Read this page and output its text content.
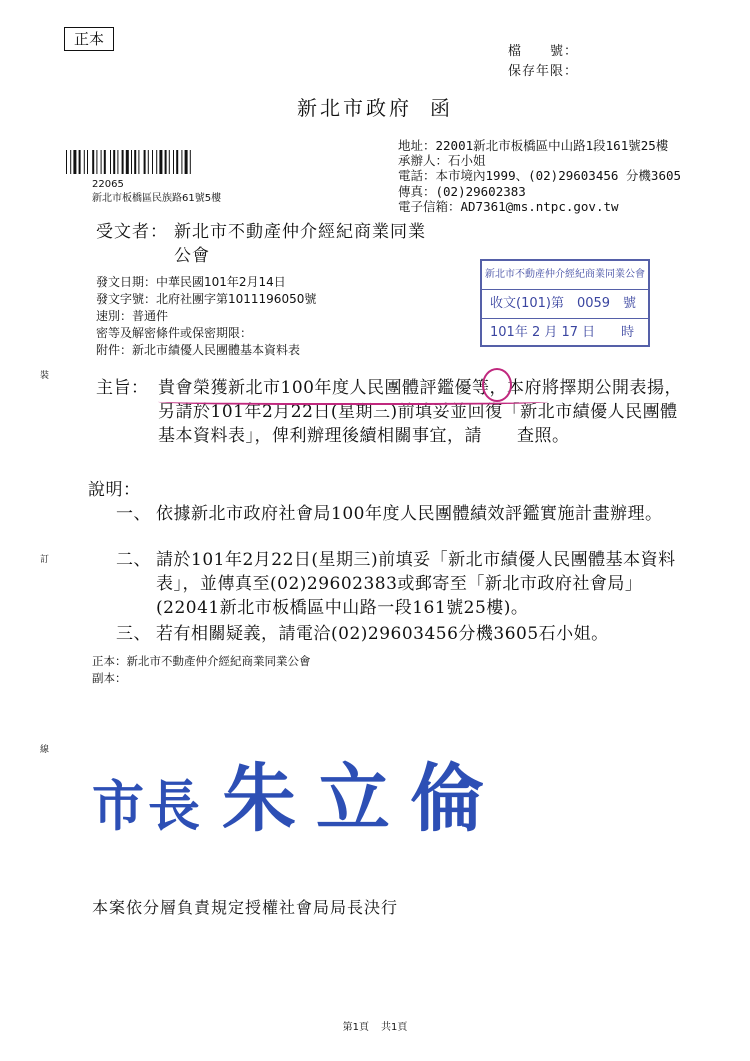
正本
檔　　號：
保存年限：
新北市政府 函
地址：22001新北市板橋區中山路1段161號25樓
承辦人：石小姐
電話：本市境內1999、(02)29603456 分機3605
傳真：(02)29602383
電子信箱：AD7361@ms.ntpc.gov.tw
22065
新北市板橋區民族路61號5樓
受文者： 新北市不動產仲介經紀商業同業
公會
發文日期：中華民國101年2月14日
發文字號：北府社團字第1011196050號
速別：普通件
密等及解密條件或保密期限：
附件：新北市績優人民團體基本資料表
新北市不動產仲介經紀商業同業公會
收文(101)第　0059　號
101年 2 月 17 日　　時
主旨： 貴會榮獲新北市100年度人民團體評鑑優等，本府將擇期公開表揚，另請於101年2月22日(星期三)前填妥並回復「新北市績優人民團體基本資料表」，俾利辦理後續相關事宜，請　　查照。
說明：
一、 依據新北市政府社會局100年度人民團體績效評鑑實施計畫辦理。
二、 請於101年2月22日(星期三)前填妥「新北市績優人民團體基本資料表」，並傳真至(02)29602383或郵寄至「新北市政府社會局」(22041新北市板橋區中山路一段161號25樓)。
三、 若有相關疑義，請電洽(02)29603456分機3605石小姐。
正本：新北市不動產仲介經紀商業同業公會
副本：
市長 朱立倫
本案依分層負責規定授權社會局局長決行
第1頁 共1頁
裝
訂
線
